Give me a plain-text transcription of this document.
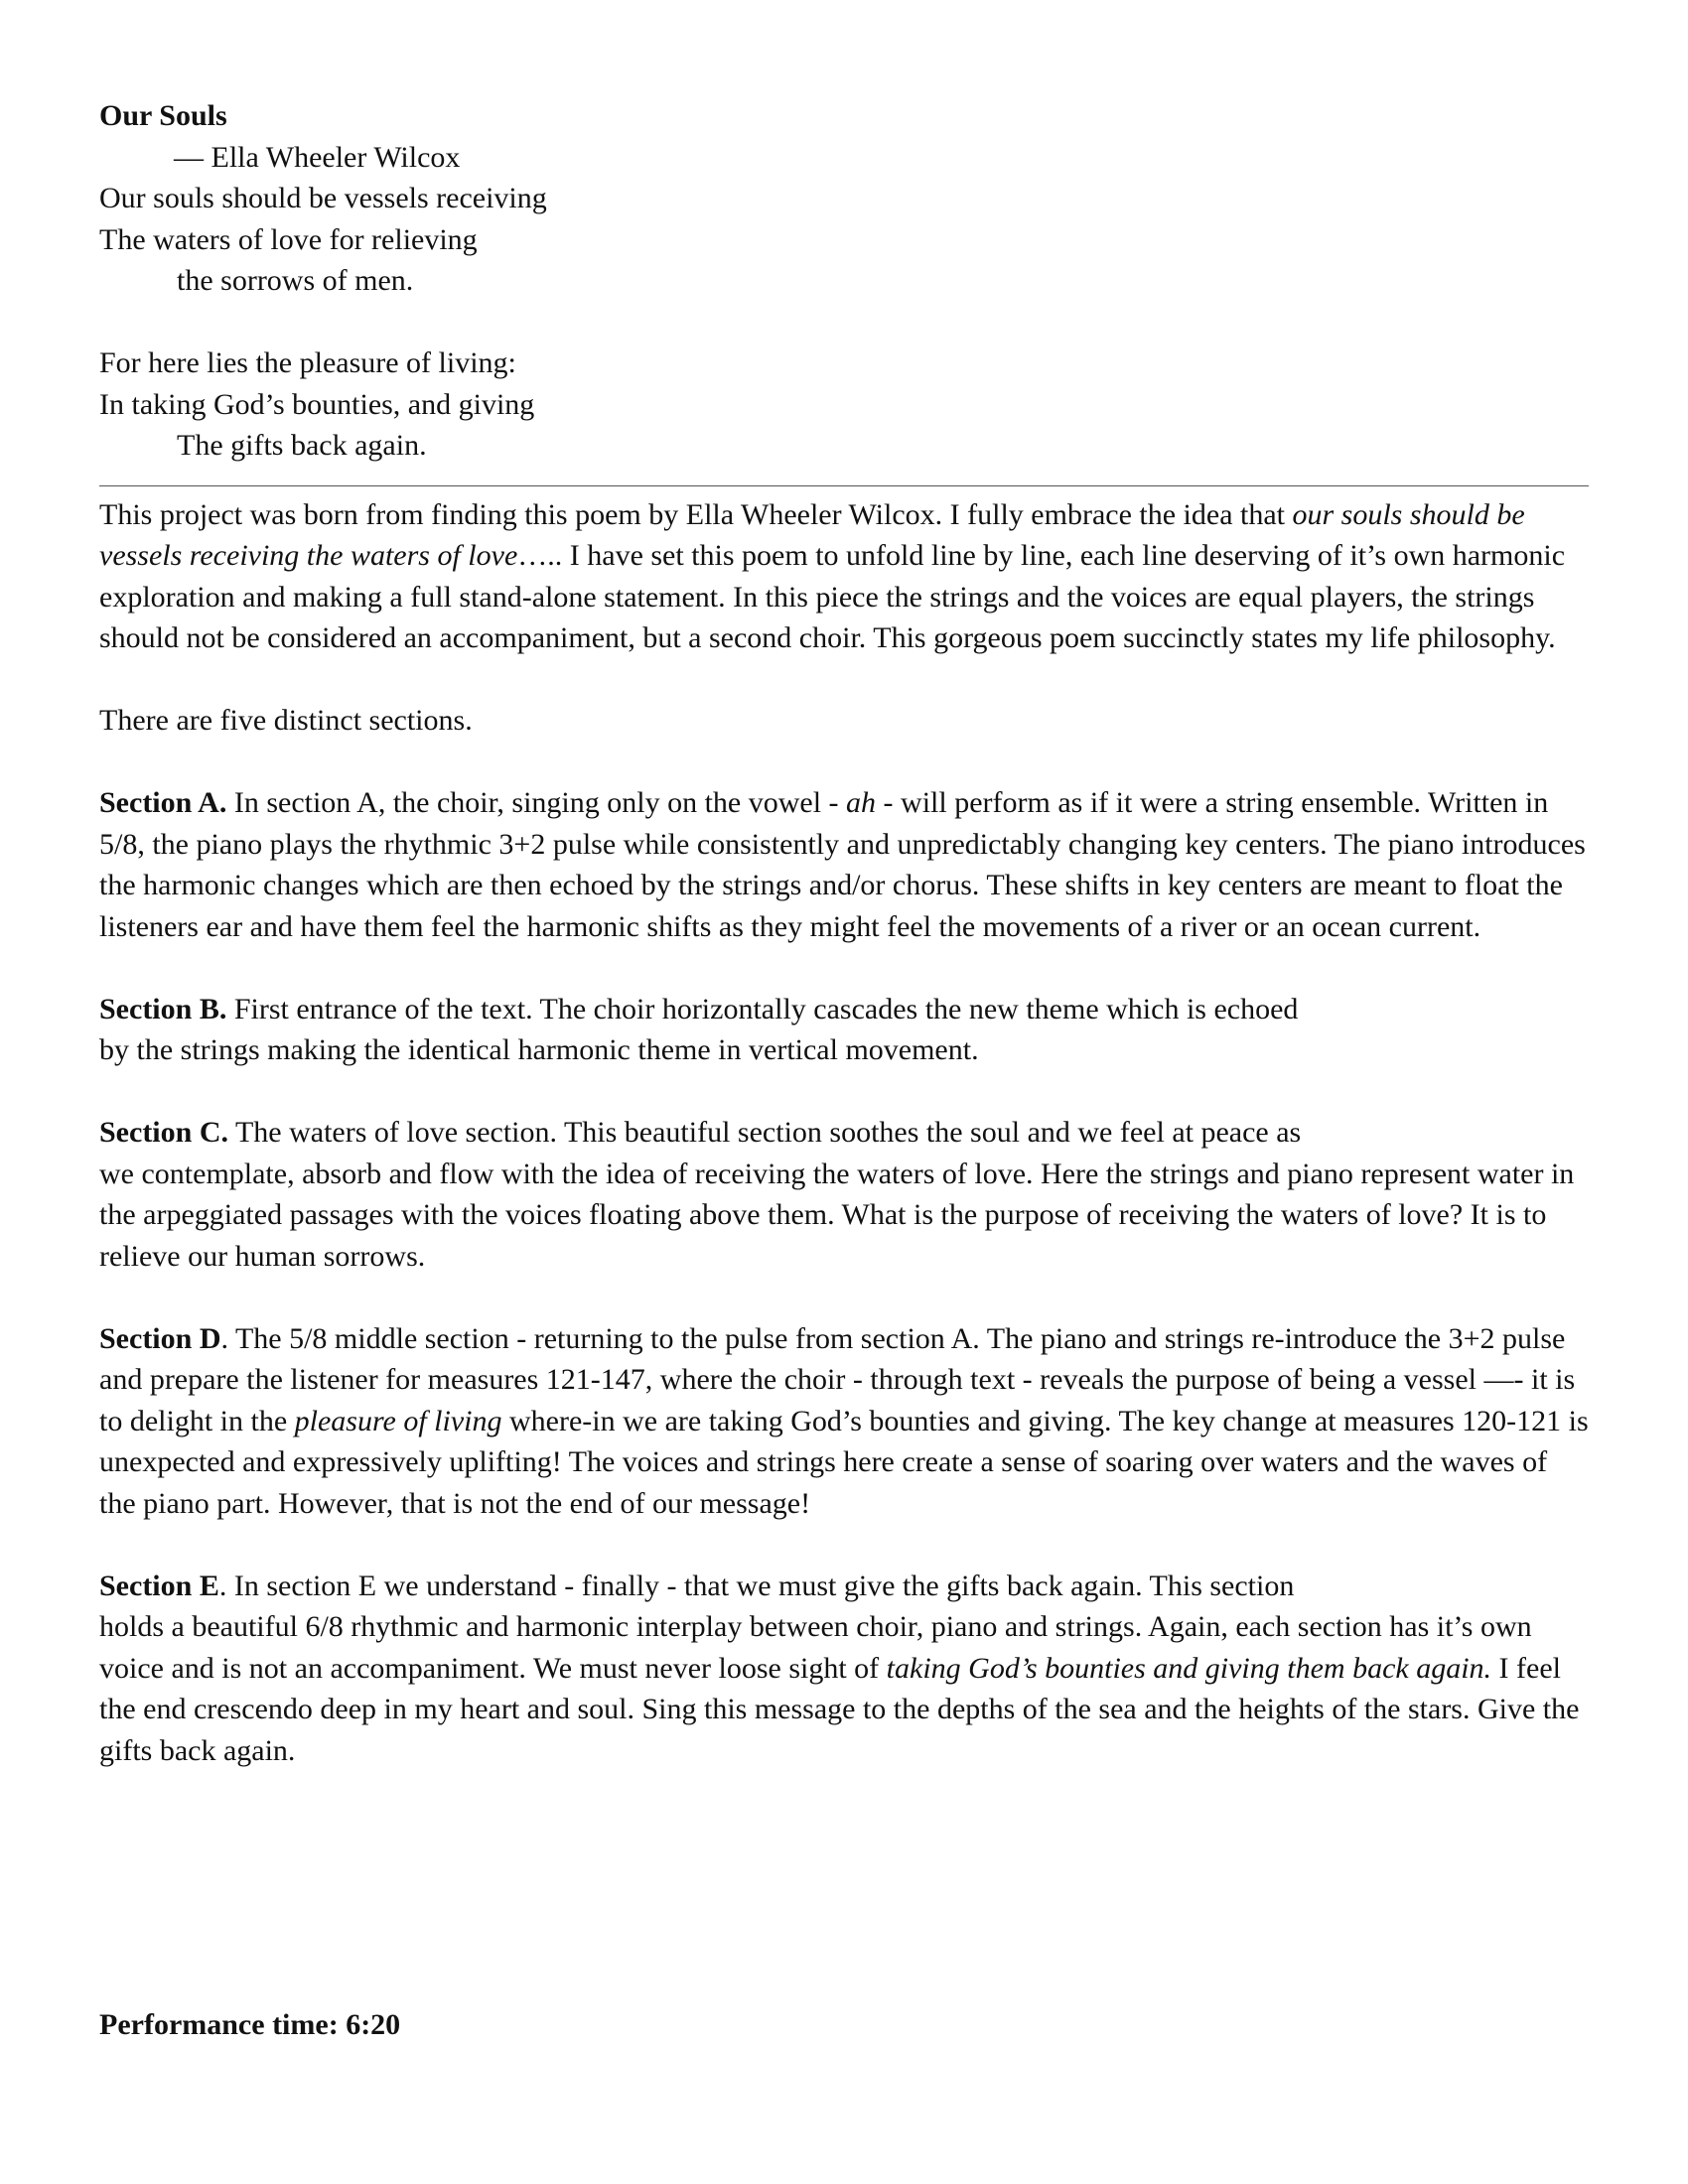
Our Souls
— Ella Wheeler Wilcox
Our souls should be vessels receiving
The waters of love for relieving
the sorrows of men.
For here lies the pleasure of living:
In taking God’s bounties, and giving
The gifts back again.

This project was born from finding this poem by Ella Wheeler Wilcox. I fully embrace the idea that our souls should be vessels receiving the waters of love….. I have set this poem to unfold line by line, each line deserving of it’s own harmonic exploration and making a full stand-alone statement. In this piece the strings and the voices are equal players, the strings should not be considered an accompaniment, but a second choir. This gorgeous poem succinctly states my life philosophy.

There are five distinct sections.

Section A. In section A, the choir, singing only on the vowel - ah - will perform as if it were a string ensemble. Written in 5/8, the piano plays the rhythmic 3+2 pulse while consistently and unpredictably changing key centers. The piano introduces the harmonic changes which are then echoed by the strings and/or chorus. These shifts in key centers are meant to float the listeners ear and have them feel the harmonic shifts as they might feel the movements of a river or an ocean current.

Section B. First entrance of the text. The choir horizontally cascades the new theme which is echoed
by the strings making the identical harmonic theme in vertical movement.

Section C. The waters of love section. This beautiful section soothes the soul and we feel at peace as
we contemplate, absorb and flow with the idea of receiving the waters of love. Here the strings and piano represent water in the arpeggiated passages with the voices floating above them. What is the purpose of receiving the waters of love? It is to relieve our human sorrows.

Section D. The 5/8 middle section - returning to the pulse from section A. The piano and strings re-introduce the 3+2 pulse and prepare the listener for measures 121-147, where the choir - through text - reveals the purpose of being a vessel —- it is to delight in the pleasure of living where-in we are taking God’s bounties and giving. The key change at measures 120-121 is unexpected and expressively uplifting! The voices and strings here create a sense of soaring over waters and the waves of the piano part. However, that is not the end of our message!

Section E. In section E we understand - finally - that we must give the gifts back again. This section
holds a beautiful 6/8 rhythmic and harmonic interplay between choir, piano and strings. Again, each section has it’s own voice and is not an accompaniment. We must never loose sight of taking God’s bounties and giving them back again. I feel the end crescendo deep in my heart and soul. Sing this message to the depths of the sea and the heights of the stars. Give the gifts back again.

Performance time: 6:20
